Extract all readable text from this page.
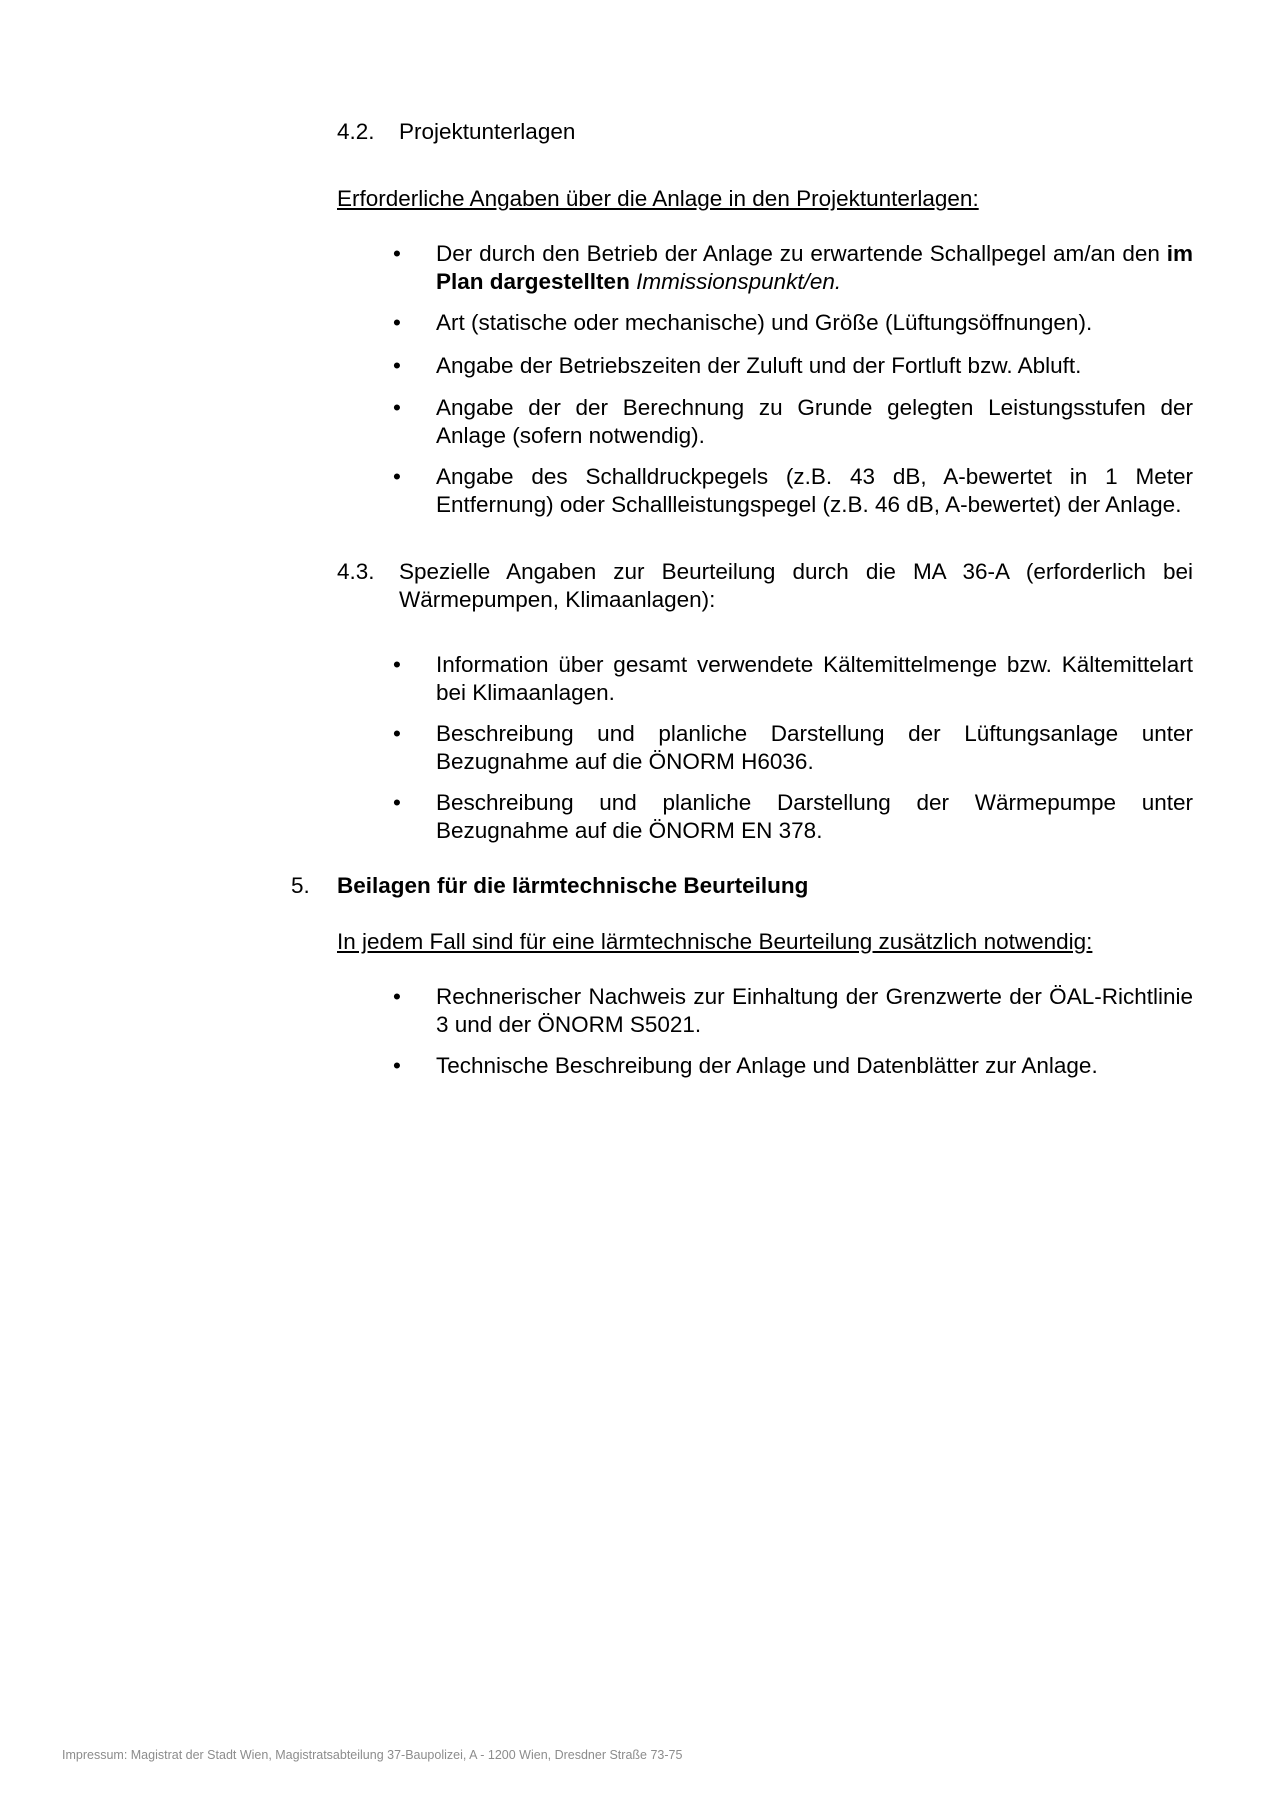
4.2. Projektunterlagen
Erforderliche Angaben über die Anlage in den Projektunterlagen:
•	Der durch den Betrieb der Anlage zu erwartende Schallpegel am/an den im Plan dargestellten Immissionspunkt/en.
•	Art (statische oder mechanische) und Größe (Lüftungsöffnungen).
•	Angabe der Betriebszeiten der Zuluft und der Fortluft bzw. Abluft.
•	Angabe der der Berechnung zu Grunde gelegten Leistungsstufen der Anlage (sofern notwendig).
•	Angabe des Schalldruckpegels (z.B. 43 dB, A-bewertet in 1 Meter Entfernung) oder Schallleistungspegel (z.B. 46 dB, A-bewertet) der Anlage.
4.3. Spezielle Angaben zur Beurteilung durch die MA 36-A (erforderlich bei Wärmepumpen, Klimaanlagen):
•	Information über gesamt verwendete Kältemittelmenge bzw. Kältemittelart bei Klimaanlagen.
•	Beschreibung und planliche Darstellung der Lüftungsanlage unter Bezugnahme auf die ÖNORM H6036.
•	Beschreibung und planliche Darstellung der Wärmepumpe unter Bezugnahme auf die ÖNORM EN 378.
5. Beilagen für die lärmtechnische Beurteilung
In jedem Fall sind für eine lärmtechnische Beurteilung zusätzlich notwendig:
•	Rechnerischer Nachweis zur Einhaltung der Grenzwerte der ÖAL-Richtlinie 3 und der ÖNORM S5021.
•	Technische Beschreibung der Anlage und Datenblätter zur Anlage.
Impressum: Magistrat der Stadt Wien, Magistratsabteilung 37-Baupolizei, A - 1200 Wien, Dresdner Straße 73-75
